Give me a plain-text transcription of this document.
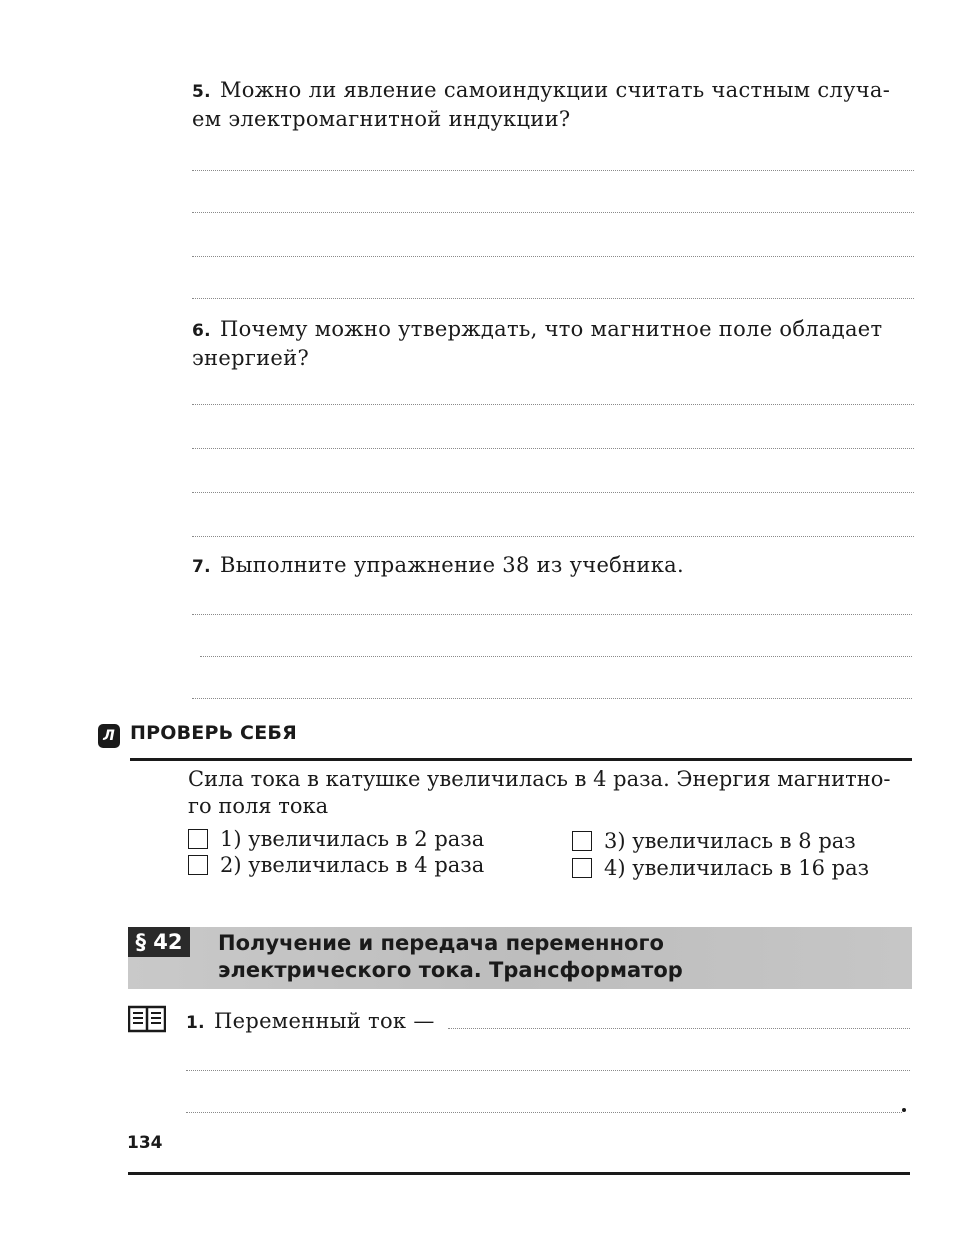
5. Можно ли явление самоиндукции считать частным случа-ем электромагнитной индукции?
6. Почему можно утверждать, что магнитное поле обладает энергией?
7. Выполните упражнение 38 из учебника.
Л ПРОВЕРЬ СЕБЯ
Сила тока в катушке увеличилась в 4 раза. Энергия магнитно-го поля тока
1) увеличилась в 2 раза
2) увеличилась в 4 раза
3) увеличилась в 8 раз
4) увеличилась в 16 раз
§ 42	Получение и передача переменного
электрического тока. Трансформатор
1. Переменный ток —
134
